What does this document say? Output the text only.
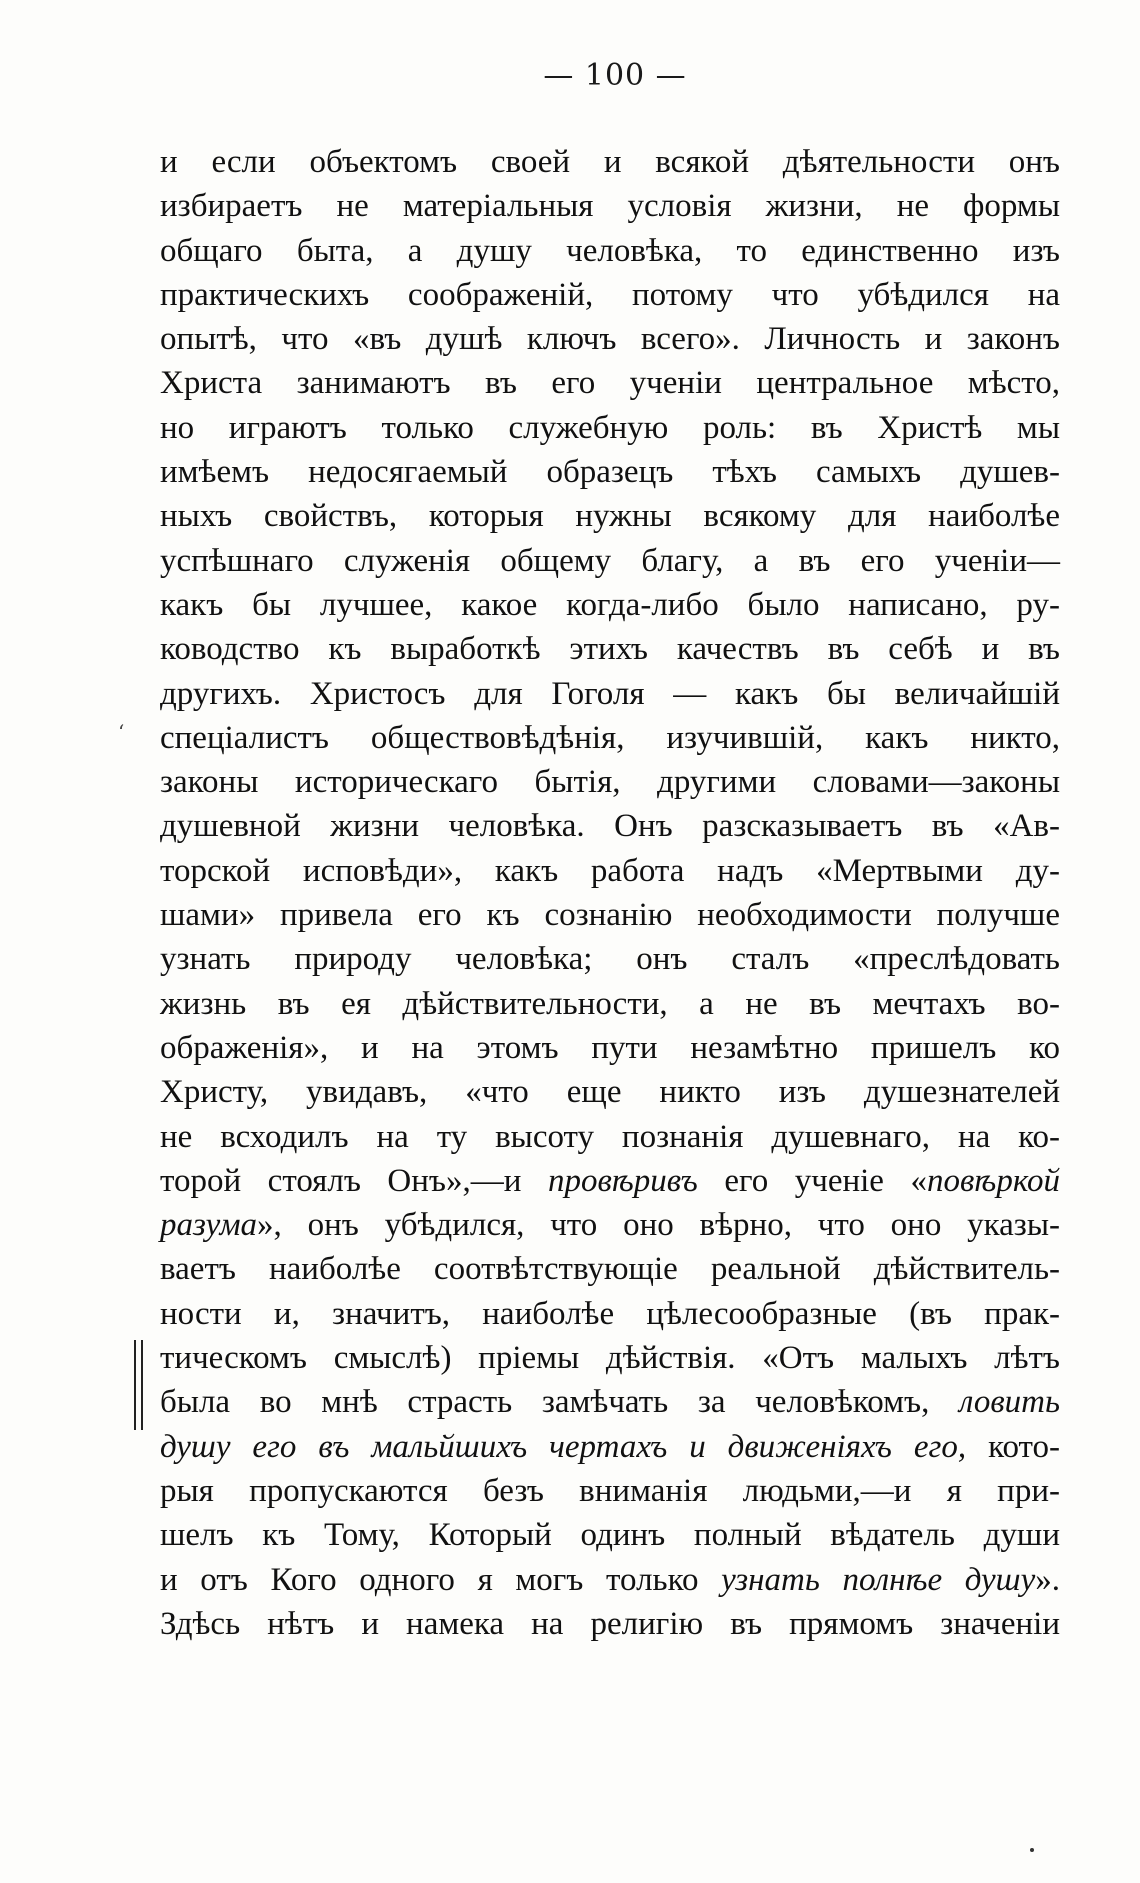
— 100 —
‘
и если объектомъ своей и всякой дѣятельности онъ
избираетъ не матеріальныя условія жизни, не формы
общаго быта, а душу человѣка, то единственно изъ
практическихъ соображеній, потому что убѣдился на
опытѣ, что «въ душѣ ключъ всего». Личность и законъ
Христа занимаютъ въ его ученіи центральное мѣсто,
но играютъ только служебную роль: въ Христѣ мы
имѣемъ недосягаемый образецъ тѣхъ самыхъ душев-
ныхъ свойствъ, которыя нужны всякому для наиболѣе
успѣшнаго служенія общему благу, а въ его ученіи—
какъ бы лучшее, какое когда-либо было написано, ру-
ководство къ выработкѣ этихъ качествъ въ себѣ и въ
другихъ. Христосъ для Гоголя — какъ бы величайшій
спеціалистъ обществовѣдѣнія, изучившій, какъ никто,
законы историческаго бытія, другими словами—законы
душевной жизни человѣка. Онъ разсказываетъ въ «Ав-
торской исповѣди», какъ работа надъ «Мертвыми ду-
шами» привела его къ сознанію необходимости получше
узнать природу человѣка; онъ сталъ «преслѣдовать
жизнь въ ея дѣйствительности, а не въ мечтахъ во-
ображенія», и на этомъ пути незамѣтно пришелъ ко
Христу, увидавъ, «что еще никто изъ душезнателей
не всходилъ на ту высоту познанія душевнаго, на ко-
торой стоялъ Онъ»,—и провѣривъ его ученіе «повѣркой
разума», онъ убѣдился, что оно вѣрно, что оно указы-
ваетъ наиболѣе соотвѣтствующіе реальной дѣйствитель-
ности и, значитъ, наиболѣе цѣлесообразные (въ прак-
тическомъ смыслѣ) пріемы дѣйствія. «Отъ малыхъ лѣтъ
была во мнѣ страсть замѣчать за человѣкомъ, ловить
душу его въ мальйшихъ чертахъ и движеніяхъ его, кото-
рыя пропускаются безъ вниманія людьми,—и я при-
шелъ къ Тому, Который одинъ полный вѣдатель души
и отъ Кого одного я могъ только узнать полнѣе душу».
Здѣсь нѣтъ и намека на религію въ прямомъ значеніи
